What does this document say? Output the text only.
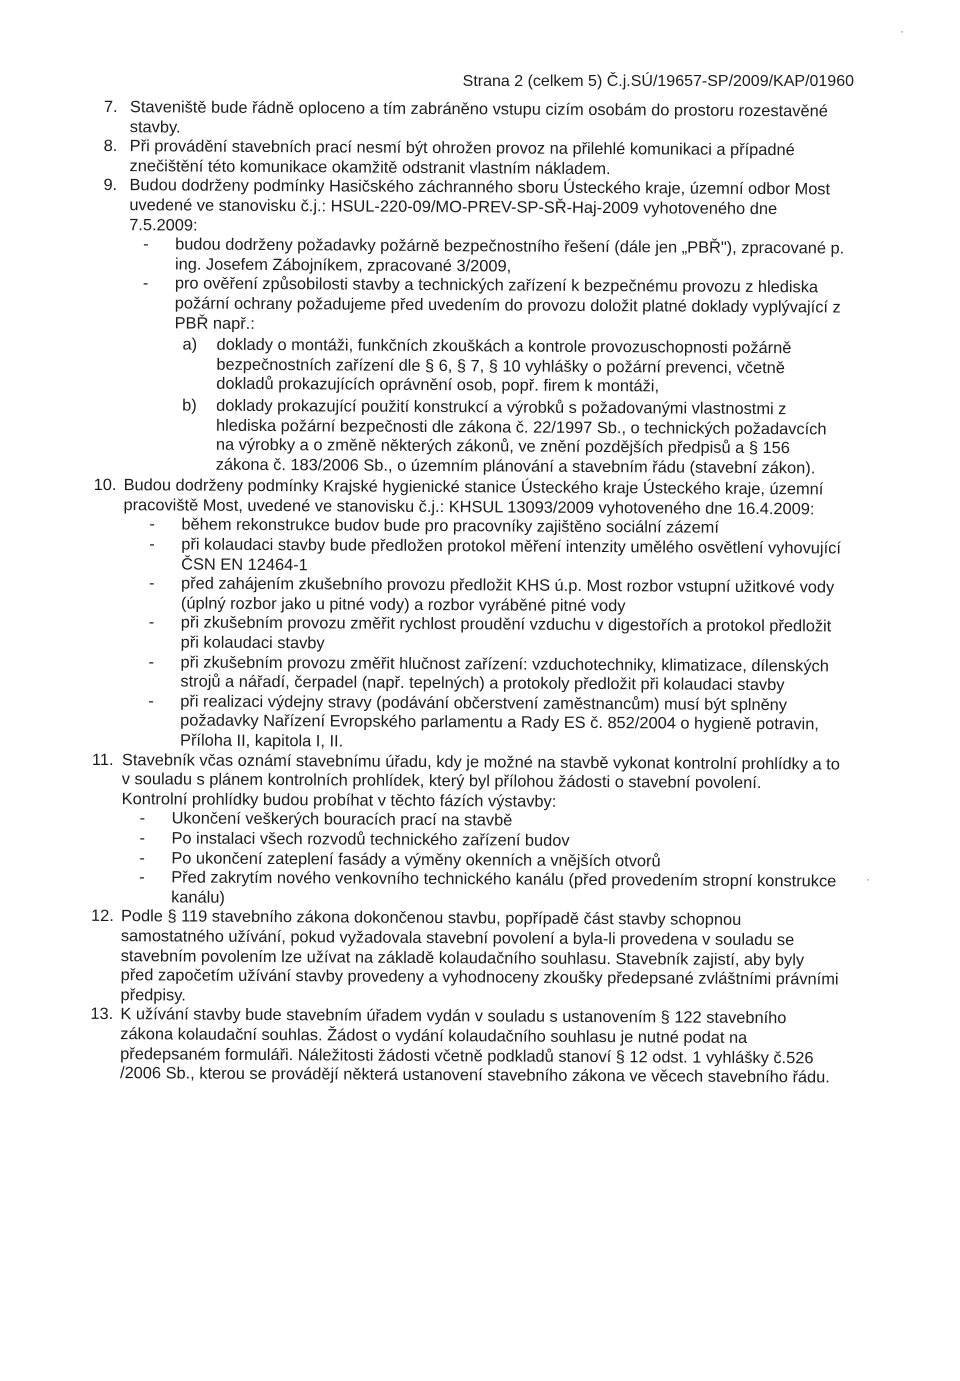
Strana 2 (celkem 5) Č.j.SÚ/19657-SP/2009/KAP/01960
7. Staveniště bude řádně oploceno a tím zabráněno vstupu cizím osobám do prostoru rozestavěné stavby.

8. Při provádění stavebních prací nesmí být ohrožen provoz na přilehlé komunikaci a případné znečištění této komunikace okamžitě odstranit vlastním nákladem.

9. Budou dodrženy podmínky Hasičského záchranného sboru Ústeckého kraje, územní odbor Most uvedené ve stanovisku č.j.: HSUL-220-09/MO-PREV-SP-SŘ-Haj-2009 vyhotoveného dne 7.5.2009:

- budou dodrženy požadavky požárně bezpečnostního řešení (dále jen „PBŘ"), zpracované p. ing. Josefem Zábojníkem, zpracované 3/2009,
- pro ověření způsobilosti stavby a technických zařízení k bezpečnému provozu z hlediska požární ochrany požadujeme před uvedením do provozu doložit platné doklady vyplývající z PBŘ např.:
a)	doklady o montáži, funkčních zkouškách a kontrole provozuschopnosti požárně bezpečnostních zařízení dle § 6, § 7, § 10 vyhlášky o požární prevenci, včetně dokladů prokazujících oprávnění osob, popř. firem k montáži,
b)	doklady prokazující použití konstrukcí a výrobků s požadovanými vlastnostmi z hlediska požární bezpečnosti dle zákona č. 22/1997 Sb., o technických požadavcích na výrobky a o změně některých zákonů, ve znění pozdějších předpisů a § 156 zákona č. 183/2006 Sb., o územním plánování a stavebním řádu (stavební zákon).
10. Budou dodrženy podmínky Krajské hygienické stanice Ústeckého kraje Ústeckého kraje, územní pracoviště Most, uvedené ve stanovisku č.j.: KHSUL 13093/2009 vyhotoveného dne 16.4.2009:

- během rekonstrukce budov bude pro pracovníky zajištěno sociální zázemí
- při kolaudaci stavby bude předložen protokol měření intenzity umělého osvětlení vyhovující ČSN EN 12464-1
- před zahájením zkušebního provozu předložit KHS ú.p. Most rozbor vstupní užitkové vody (úplný rozbor jako u pitné vody) a rozbor vyráběné pitné vody
- při zkušebním provozu změřit rychlost proudění vzduchu v digestořích a protokol předložit při kolaudaci stavby
- při zkušebním provozu změřit hlučnost zařízení: vzduchotechniky, klimatizace, dílenských strojů a nářadí, čerpadel (např. tepelných) a protokoly předložit při kolaudaci stavby
- při realizaci výdejny stravy (podávání občerstvení zaměstnancům) musí být splněny požadavky Nařízení Evropského parlamentu a Rady ES č. 852/2004 o hygieně potravin, Příloha II, kapitola I, II.
11. Stavebník včas oznámí stavebnímu úřadu, kdy je možné na stavbě vykonat kontrolní prohlídky a to v souladu s plánem kontrolních prohlídek, který byl přílohou žádosti o stavební povolení.

Kontrolní prohlídky budou probíhat v těchto fázích výstavby:

- Ukončení veškerých bouracích prací na stavbě
- Po instalaci všech rozvodů technického zařízení budov
- Po ukončení zateplení fasády a výměny okenních a vnějších otvorů
- Před zakrytím nového venkovního technického kanálu (před provedením stropní konstrukce kanálu)
12. Podle § 119 stavebního zákona dokončenou stavbu, popřípadě část stavby schopnou samostatného užívání, pokud vyžadovala stavební povolení a byla-li provedena v souladu se stavebním povolením lze užívat na základě kolaudačního souhlasu. Stavebník zajistí, aby byly před započetím užívání stavby provedeny a vyhodnoceny zkoušky předepsané zvláštními právními předpisy.

13. K užívání stavby bude stavebním úřadem vydán v souladu s ustanovením § 122 stavebního zákona kolaudační souhlas. Žádost o vydání kolaudačního souhlasu je nutné podat na předepsaném formuláři. Náležitosti žádosti včetně podkladů stanoví § 12 odst. 1 vyhlášky č.526 /2006 Sb., kterou se provádějí některá ustanovení stavebního zákona ve věcech stavebního řádu.

·
·
